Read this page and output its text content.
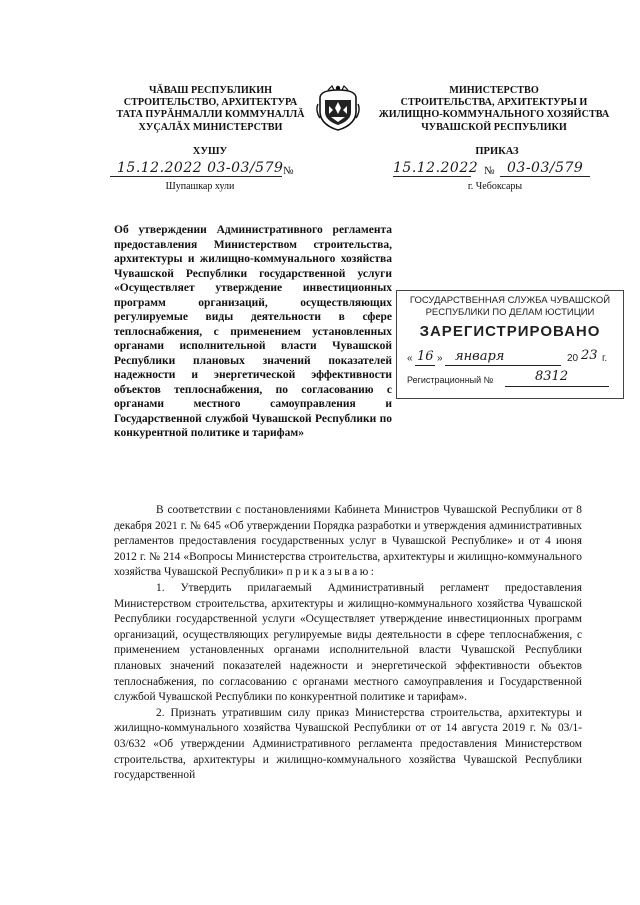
ЧĂВАШ РЕСПУБЛИКИН
СТРОИТЕЛЬСТВО, АРХИТЕКТУРА
ТАТА ПУРĂНМАЛЛИ КОММУНАЛЛĂ
ХУÇАЛĂХ МИНИСТЕРСТВИ
МИНИСТЕРСТВО
СТРОИТЕЛЬСТВА, АРХИТЕКТУРЫ И
ЖИЛИЩНО-КОММУНАЛЬНОГО ХОЗЯЙСТВА
ЧУВАШСКОЙ РЕСПУБЛИКИ
ХУШУ	ПРИКАЗ
15.12.2022 03-03/579 №
Шупашкар хули
15.12.2022 № 03-03/579
г. Чебоксары
Об утверждении Административного регламента предоставления Министерством строительства, архитектуры и жилищно-коммунального хозяйства Чувашской Республики государственной услуги «Осуществляет утверждение инвестиционных программ организаций, осуществляющих регулируемые виды деятельности в сфере теплоснабжения, с применением установленных органами исполнительной власти Чувашской Республики плановых значений показателей надежности и энергетической эффективности объектов теплоснабжения, по согласованию с органами местного самоуправления и Государственной службой Чувашской Республики по конкурентной политике и тарифам»
ГОСУДАРСТВЕННАЯ СЛУЖБА ЧУВАШСКОЙ
РЕСПУБЛИКИ ПО ДЕЛАМ ЮСТИЦИИ
ЗАРЕГИСТРИРОВАНО
« 16 » января	20 23 г.
Регистрационный №	8312

В соответствии с постановлениями Кабинета Министров Чувашской Республики от 8 декабря 2021 г. № 645 «Об утверждении Порядка разработки и утверждения административных регламентов предоставления государственных услуг в Чувашской Республике» и от 4 июня 2012 г. № 214 «Вопросы Министерства строительства, архитектуры и жилищно-коммунального хозяйства Чувашской Республики» приказываю:

1. Утвердить прилагаемый Административный регламент предоставления Министерством строительства, архитектуры и жилищно-коммунального хозяйства Чувашской Республики государственной услуги «Осуществляет утверждение инвестиционных программ организаций, осуществляющих регулируемые виды деятельности в сфере теплоснабжения, с применением установленных органами исполнительной власти Чувашской Республики плановых значений показателей надежности и энергетической эффективности объектов теплоснабжения, по согласованию с органами местного самоуправления и Государственной службой Чувашской Республики по конкурентной политике и тарифам».

2. Признать утратившим силу приказ Министерства строительства, архитектуры и жилищно-коммунального хозяйства Чувашской Республики от от 14 августа 2019 г. № 03/1-03/632 «Об утверждении Административного регламента предоставления Министерством строительства, архитектуры и жилищно-коммунального хозяйства Чувашской Республики государственной
